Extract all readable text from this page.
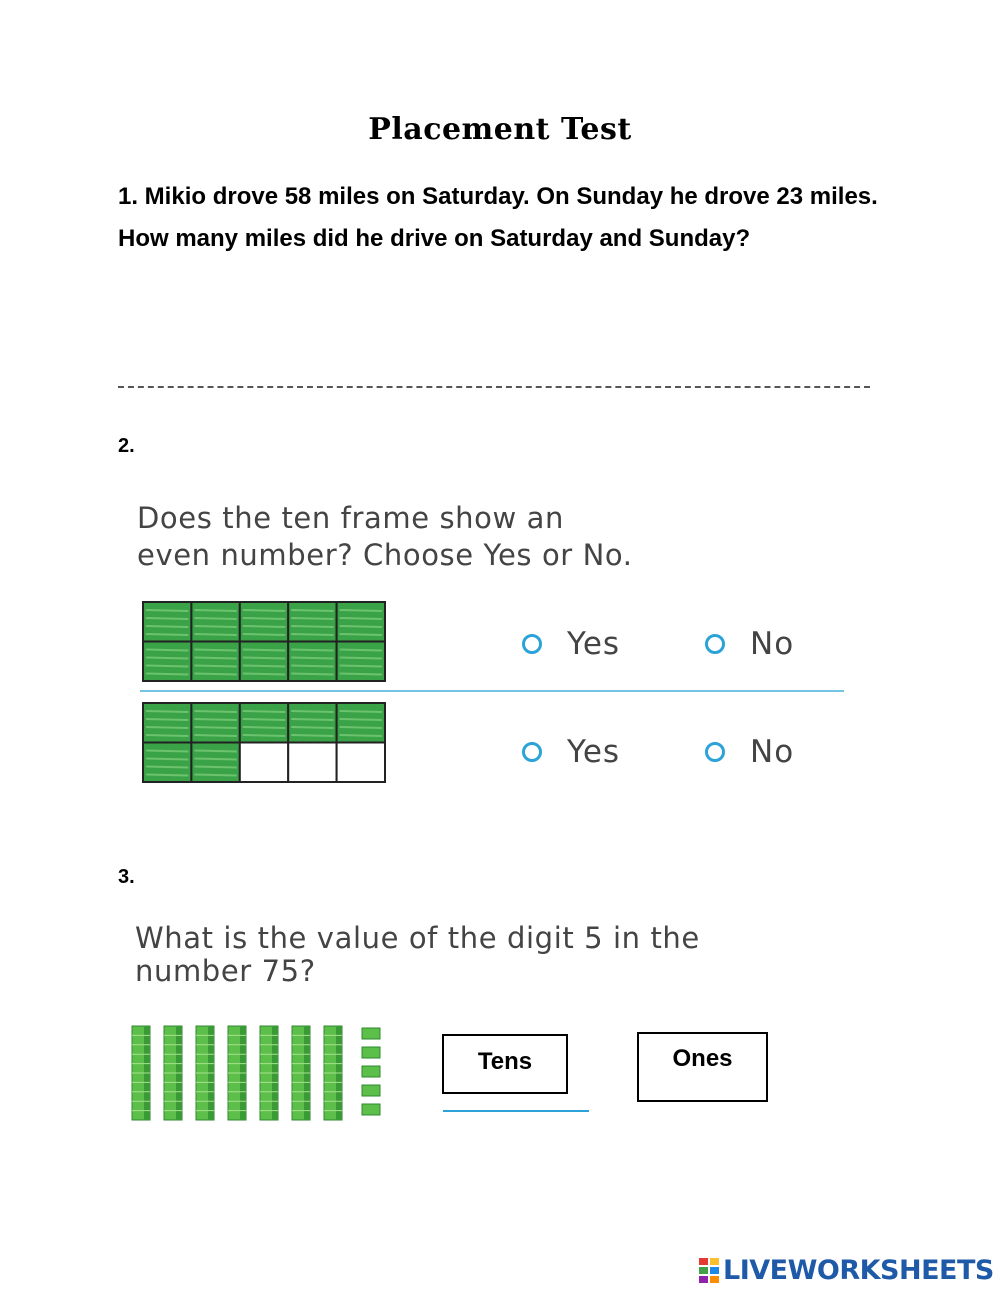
Placement Test
1. Mikio drove 58 miles on Saturday. On Sunday he drove 23 miles. How many miles did he drive on Saturday and Sunday?
2.
Does the ten frame show an
even number? Choose Yes or No.
Yes	No
Yes	No
3.
What is the value of the digit 5 in the
number 75?
Tens	Ones
LIVEWORKSHEETS
